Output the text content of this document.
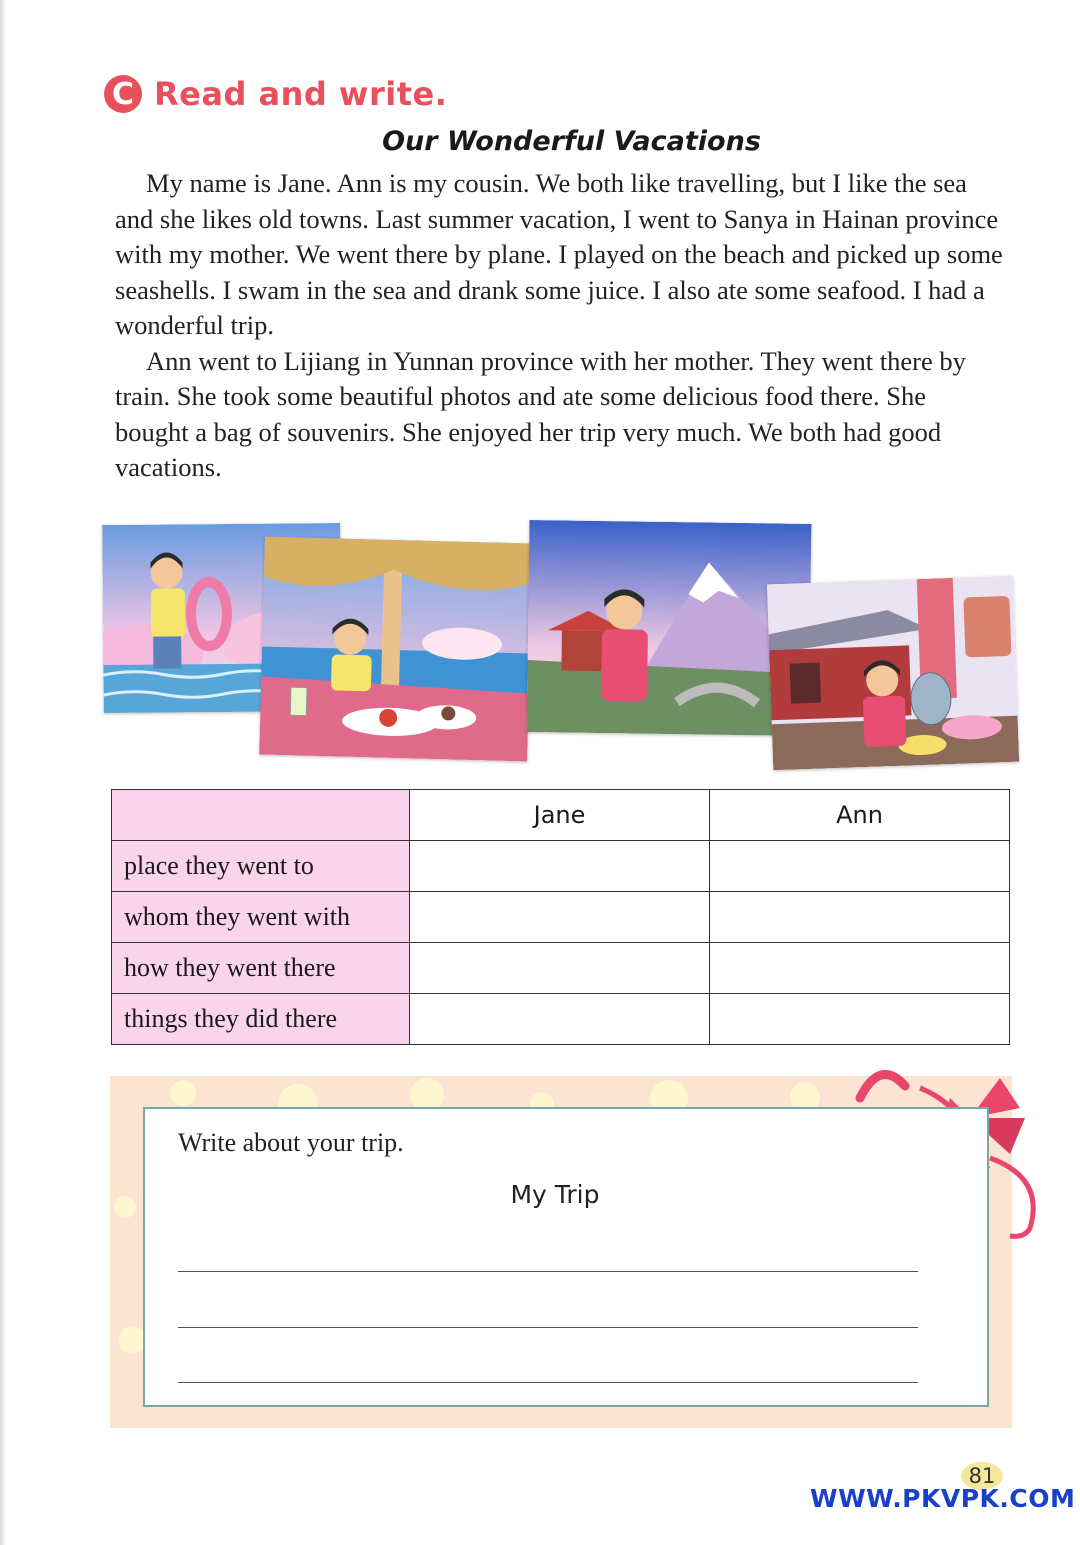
C Read and write.
Our Wonderful Vacations

My name is Jane. Ann is my cousin. We both like travelling, but I like the sea and she likes old towns. Last summer vacation, I went to Sanya in Hainan province with my mother. We went there by plane. I played on the beach and picked up some seashells. I swam in the sea and drank some juice. I also ate some seafood. I had a wonderful trip.

Ann went to Lijiang in Yunnan province with her mother. They went there by train. She took some beautiful photos and ate some delicious food there. She bought a bag of souvenirs. She enjoyed her trip very much. We both had good vacations.

	Jane	Ann
place they went to		
whom they went with		
how they went there		
things they did there		
Write about your trip.
My Trip
81
WWW.PKVPK.COM
